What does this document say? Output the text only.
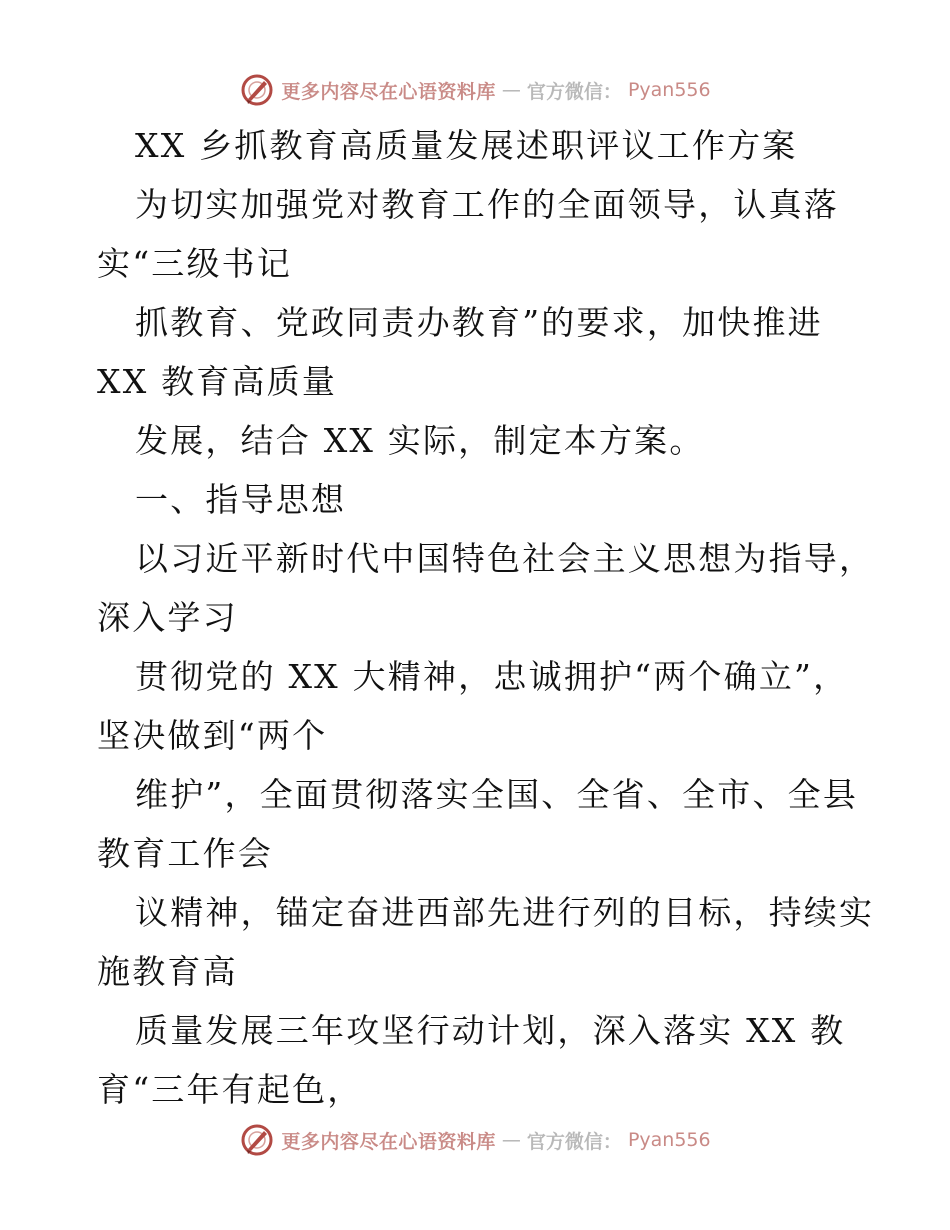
更多内容尽在心语资料库 — 官方微信： Pyan556
XX 乡抓教育高质量发展述职评议工作方案
为切实加强党对教育工作的全面领导，认真落
实“三级书记
抓教育、党政同责办教育”的要求，加快推进
XX 教育高质量
发展，结合 XX 实际，制定本方案。
一、指导思想
以习近平新时代中国特色社会主义思想为指导，
深入学习
贯彻党的 XX 大精神，忠诚拥护“两个确立”，
坚决做到“两个
维护”，全面贯彻落实全国、全省、全市、全县
教育工作会
议精神，锚定奋进西部先进行列的目标，持续实
施教育高
质量发展三年攻坚行动计划，深入落实 XX 教
育“三年有起色，
更多内容尽在心语资料库 — 官方微信： Pyan556
